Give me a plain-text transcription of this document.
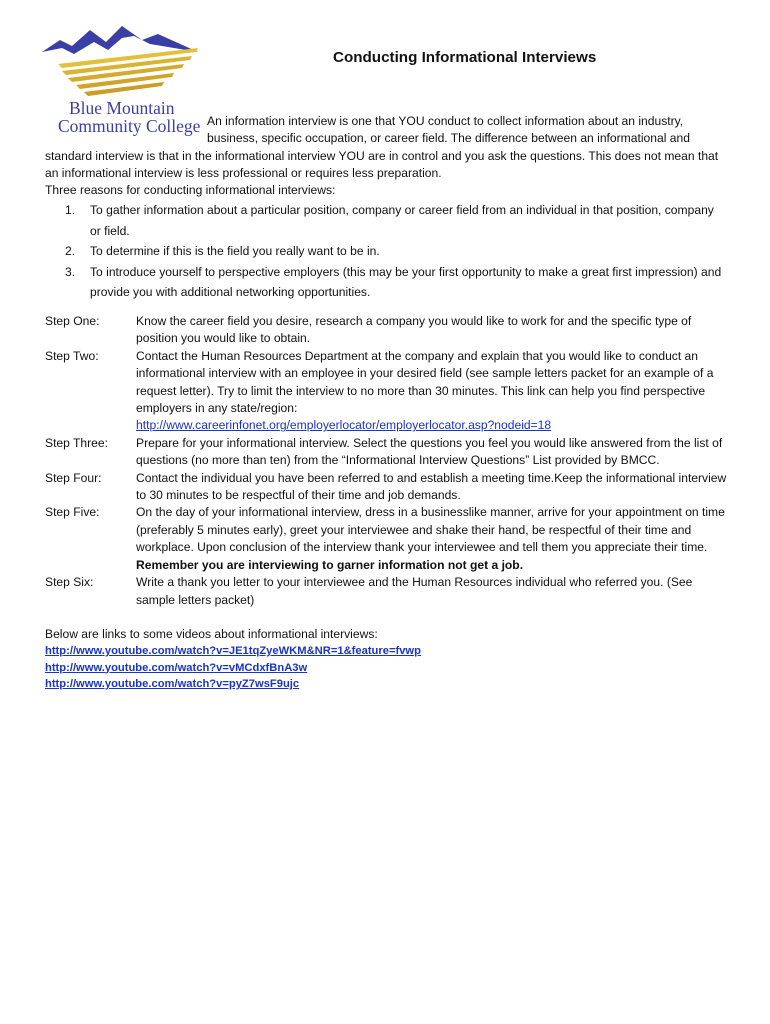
Blue Mountain
Community College
Conducting Informational Interviews
An information interview is one that YOU conduct to collect information about an industry, business, specific occupation, or career field. The difference between an informational and
standard interview is that in the informational interview YOU are in control and you ask the questions. This does not mean that an informational interview is less professional or requires less preparation.
Three reasons for conducting informational interviews:
1.	To gather information about a particular position, company or career field from an individual in that position, company or field.
2.	To determine if this is the field you really want to be in.
3.	To introduce yourself to perspective employers (this may be your first opportunity to make a great first impression) and provide you with additional networking opportunities.
Step One:	Know the career field you desire, research a company you would like to work for and the specific type of position you would like to obtain.
Step Two:	Contact the Human Resources Department at the company and explain that you would like to conduct an informational interview with an employee in your desired field (see sample letters packet for an example of a request letter). Try to limit the interview to no more than 30 minutes. This link can help you find perspective employers in any state/region:
http://www.careerinfonet.org/employerlocator/employerlocator.asp?nodeid=18
Step Three:	Prepare for your informational interview. Select the questions you feel you would like answered from the list of questions (no more than ten) from the “Informational Interview Questions” List provided by BMCC.
Step Four:	Contact the individual you have been referred to and establish a meeting time.Keep the informational interview to 30 minutes to be respectful of their time and job demands.
Step Five:	On the day of your informational interview, dress in a businesslike manner, arrive for your appointment on time (preferably 5 minutes early), greet your interviewee and shake their hand, be respectful of their time and workplace. Upon conclusion of the interview thank your interviewee and tell them you appreciate their time. Remember you are interviewing to garner information not get a job.
Step Six:	Write a thank you letter to your interviewee and the Human Resources individual who referred you. (See sample letters packet)
Below are links to some videos about informational interviews:
http://www.youtube.com/watch?v=JE1tqZyeWKM&NR=1&feature=fvwp
http://www.youtube.com/watch?v=vMCdxfBnA3w
http://www.youtube.com/watch?v=pyZ7wsF9ujc
